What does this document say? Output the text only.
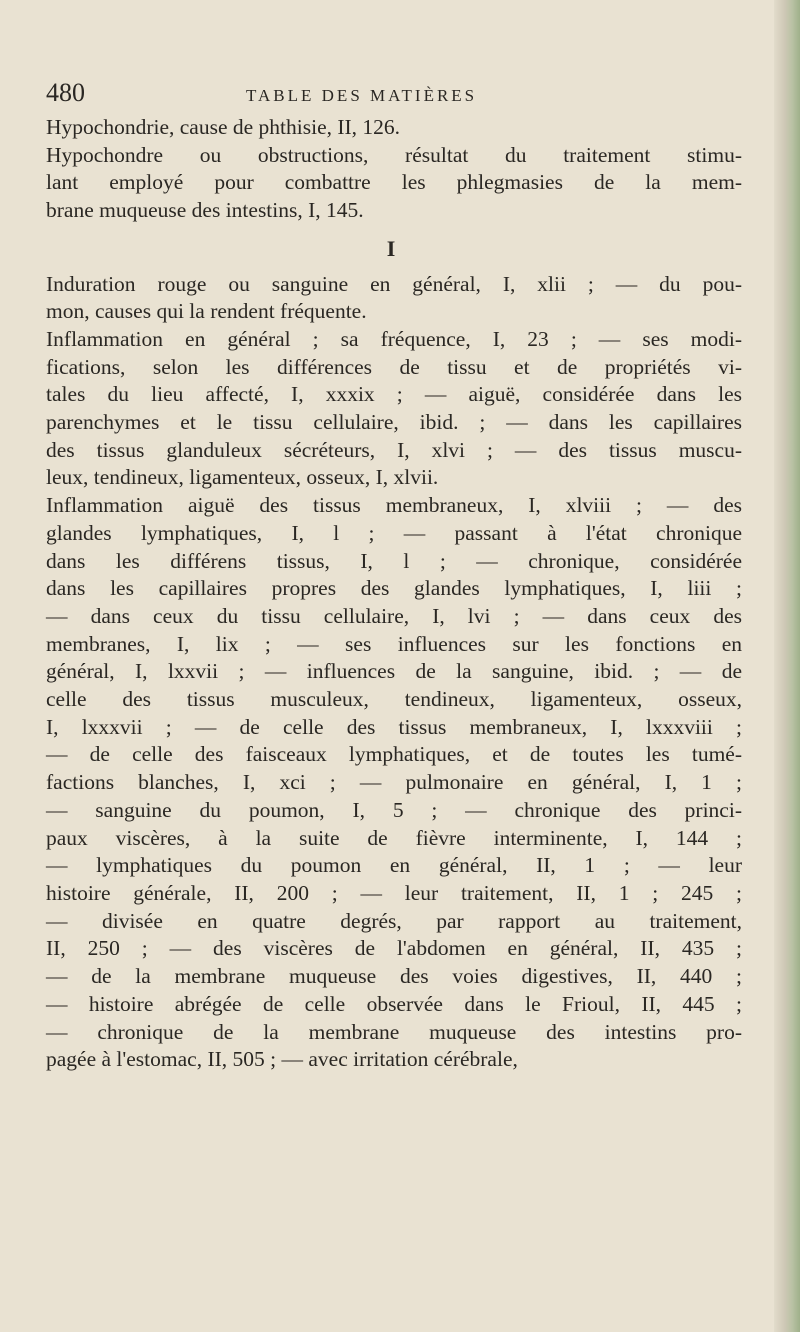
480	TABLE DES MATIÈRES
Hypochondrie, cause de phthisie, II, 126.
Hypochondre ou obstructions, résultat du traitement stimu-
lant employé pour combattre les phlegmasies de la mem-
brane muqueuse des intestins, I, 145.
I
Induration rouge ou sanguine en général, I, xlii ; — du pou-
mon, causes qui la rendent fréquente.
Inflammation en général ; sa fréquence, I, 23 ; — ses modi-
fications, selon les différences de tissu et de propriétés vi-
tales du lieu affecté, I, xxxix ; — aiguë, considérée dans les
parenchymes et le tissu cellulaire, ibid. ; — dans les capillaires
des tissus glanduleux sécréteurs, I, xlvi ; — des tissus muscu-
leux, tendineux, ligamenteux, osseux, I, xlvii.
Inflammation aiguë des tissus membraneux, I, xlviii ; — des
glandes lymphatiques, I, l ; — passant à l'état chronique
dans les différens tissus, I, l ; — chronique, considérée
dans les capillaires propres des glandes lymphatiques, I, liii ;
— dans ceux du tissu cellulaire, I, lvi ; — dans ceux des
membranes, I, lix ; — ses influences sur les fonctions en
général, I, lxxvii ; — influences de la sanguine, ibid. ; — de
celle des tissus musculeux, tendineux, ligamenteux, osseux,
I, lxxxvii ; — de celle des tissus membraneux, I, lxxxviii ;
— de celle des faisceaux lymphatiques, et de toutes les tumé-
factions blanches, I, xci ; — pulmonaire en général, I, 1 ;
— sanguine du poumon, I, 5 ; — chronique des princi-
paux viscères, à la suite de fièvre interminente, I, 144 ;
— lymphatiques du poumon en général, II, 1 ; — leur
histoire générale, II, 200 ; — leur traitement, II, 1 ; 245 ;
— divisée en quatre degrés, par rapport au traitement,
II, 250 ; — des viscères de l'abdomen en général, II, 435 ;
— de la membrane muqueuse des voies digestives, II, 440 ;
— histoire abrégée de celle observée dans le Frioul, II, 445 ;
— chronique de la membrane muqueuse des intestins pro-
pagée à l'estomac, II, 505 ; — avec irritation cérébrale,
